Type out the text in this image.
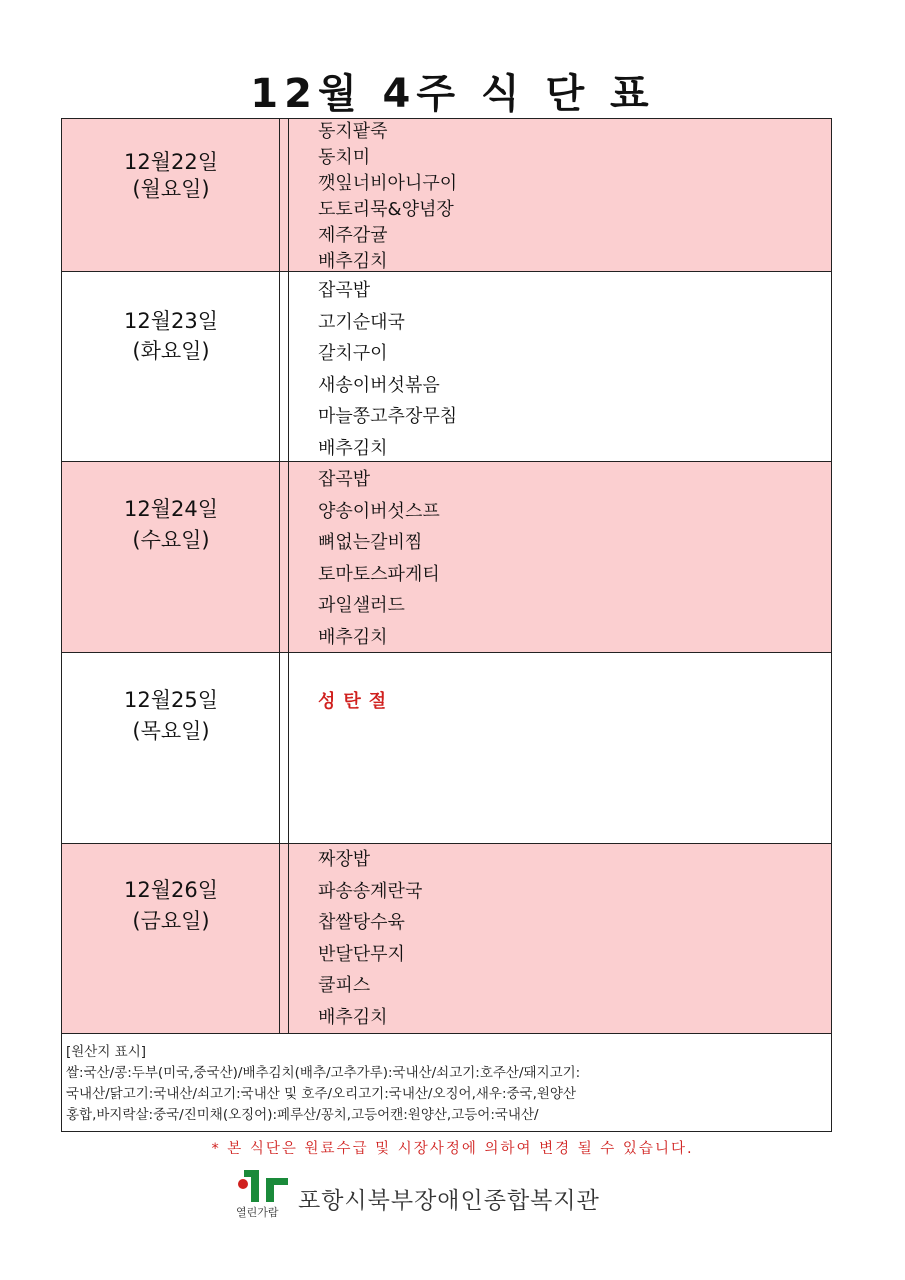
12월 4주 식 단 표
12월22일
(월요일)
동지팥죽
동치미
깻잎너비아니구이
도토리묵&양념장
제주감귤
배추김치
12월23일
(화요일)
잡곡밥
고기순대국
갈치구이
새송이버섯볶음
마늘쫑고추장무침
배추김치
12월24일
(수요일)
잡곡밥
양송이버섯스프
뼈없는갈비찜
토마토스파게티
과일샐러드
배추김치
12월25일
(목요일)
성탄절
12월26일
(금요일)
짜장밥
파송송계란국
찹쌀탕수육
반달단무지
쿨피스
배추김치
[원산지 표시]
쌀:국산/콩:두부(미국,중국산)/배추김치(배추/고추가루):국내산/쇠고기:호주산/돼지고기:
국내산/닭고기:국내산/쇠고기:국내산 및 호주/오리고기:국내산/오징어,새우:중국,원양산
홍합,바지락살:중국/진미채(오징어):페루산/꽁치,고등어캔:원양산,고등어:국내산/
* 본 식단은 원료수급 및 시장사정에 의하여 변경 될 수 있습니다.
열린가람 포항시북부장애인종합복지관
